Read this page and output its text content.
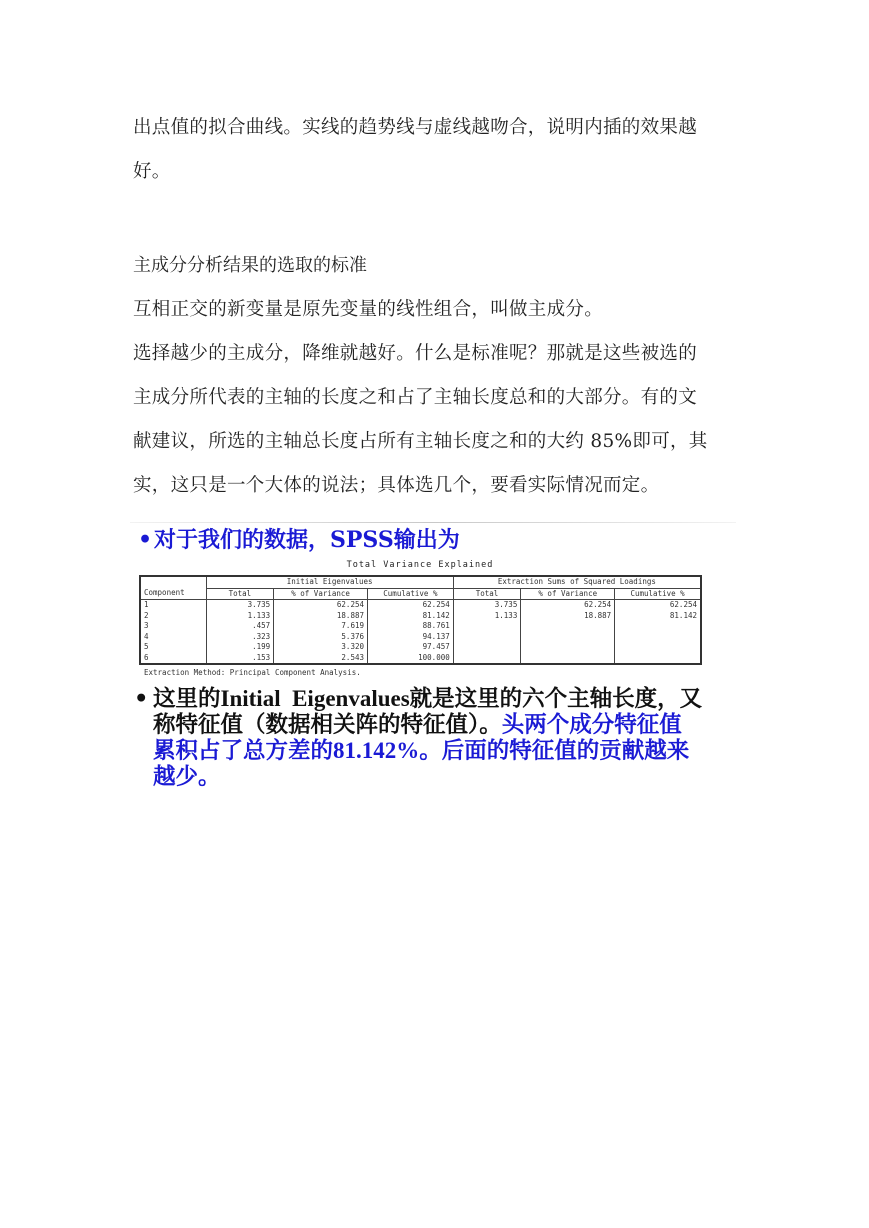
出点值的拟合曲线。实线的趋势线与虚线越吻合，说明内插的效果越
好。
主成分分析结果的选取的标准
互相正交的新变量是原先变量的线性组合，叫做主成分。
选择越少的主成分，降维就越好。什么是标准呢？那就是这些被选的
主成分所代表的主轴的长度之和占了主轴长度总和的大部分。有的文
献建议，所选的主轴总长度占所有主轴长度之和的大约 85%即可，其
实，这只是一个大体的说法；具体选几个，要看实际情况而定。
•对于我们的数据，SPSS输出为
Total Variance Explained
	Initial Eigenvalues			Extraction Sums of Squared Loadings		
Component	Total	% of Variance	Cumulative %	Total	% of Variance	Cumulative %
1	3.735	62.254	62.254	3.735	62.254	62.254
2	1.133	18.887	81.142	1.133	18.887	81.142
3	.457	7.619	88.761			
4	.323	5.376	94.137			
5	.199	3.320	97.457			
6	.153	2.543	100.000			
Extraction Method: Principal Component Analysis.
• 这里的Initial  Eigenvalues就是这里的六个主轴长度，又
称特征值（数据相关阵的特征值）。头两个成分特征值
累积占了总方差的81.142%。后面的特征值的贡献越来
越少。
